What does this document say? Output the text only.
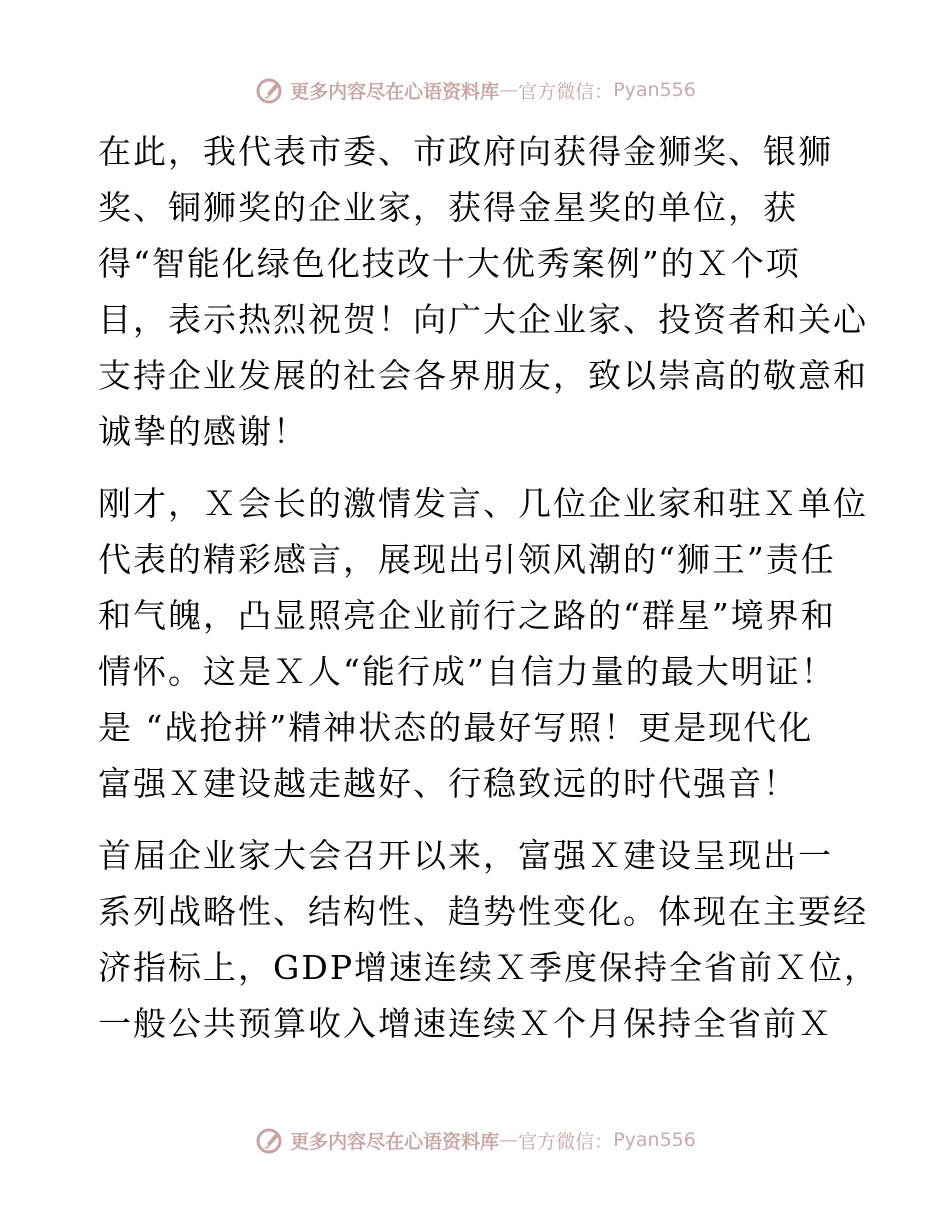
更多内容尽在心语资料库 — 官方微信： Pyan556

在此，我代表市委、市政府向获得金狮奖、银狮
奖、铜狮奖的企业家，获得金星奖的单位，获
得“智能化绿色化技改十大优秀案例”的Ｘ个项
目，表示热烈祝贺！向广大企业家、投资者和关心
支持企业发展的社会各界朋友，致以崇高的敬意和
诚挚的感谢！

刚才，Ｘ会长的激情发言、几位企业家和驻Ｘ单位
代表的精彩感言，展现出引领风潮的“狮王”责任
和气魄，凸显照亮企业前行之路的“群星”境界和
情怀。这是Ｘ人“能行成”自信力量的最大明证！
是 “战抢拼”精神状态的最好写照！更是现代化
富强Ｘ建设越走越好、行稳致远的时代强音！

首届企业家大会召开以来，富强Ｘ建设呈现出一
系列战略性、结构性、趋势性变化。体现在主要经
济指标上，GDP增速连续Ｘ季度保持全省前Ｘ位，
一般公共预算收入增速连续Ｘ个月保持全省前Ｘ

更多内容尽在心语资料库 — 官方微信： Pyan556
